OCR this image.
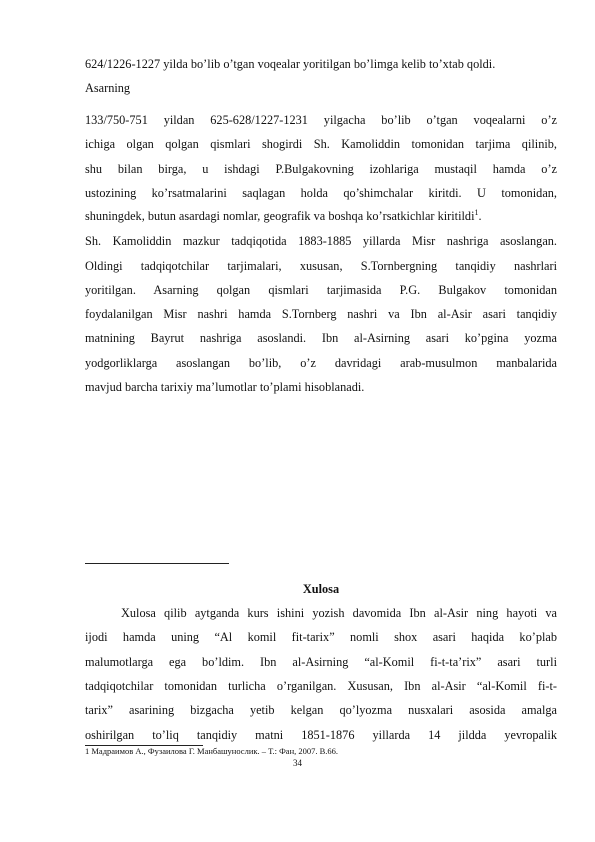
624/1226-1227 yilda bo’lib o’tgan voqealar yoritilgan bo’limga kelib to’xtab qoldi.
Asarning
133/750-751 yildan 625-628/1227-1231 yilgacha bo’lib o’tgan voqealarni o’z
ichiga olgan qolgan qismlari shogirdi Sh. Kamoliddin tomonidan tarjima qilinib,
shu bilan birga, u ishdagi P.Bulgakovning izohlariga mustaqil hamda o’z
ustozining ko’rsatmalarini saqlagan holda qo’shimchalar kiritdi. U tomonidan,
shuningdek, butun asardagi nomlar, geografik va boshqa ko’rsatkichlar kiritildi$^1$.
Sh. Kamoliddin mazkur tadqiqotida 1883-1885 yillarda Misr nashriga asoslangan.
Oldingi tadqiqotchilar tarjimalari, xususan, S.Tornbergning tanqidiy nashrlari
yoritilgan. Asarning qolgan qismlari tarjimasida P.G. Bulgakov tomonidan
foydalanilgan Misr nashri hamda S.Tornberg nashri va Ibn al-Asir asari tanqidiy
matnining Bayrut nashriga asoslandi. Ibn al-Asirning asari ko’pgina yozma
yodgorliklarga asoslangan bo’lib, o’z davridagi arab-musulmon manbalarida
mavjud barcha tarixiy ma’lumotlar to’plami hisoblanadi.
Xulosa
Xulosa qilib aytganda kurs ishini yozish davomida Ibn al-Asir ning hayoti va
ijodi hamda uning “Al komil fit-tarix” nomli shox asari haqida ko’plab
malumotlarga ega bo’ldim. Ibn al-Asirning “al-Komil fi-t-ta’rix” asari turli
tadqiqotchilar tomonidan turlicha o’rganilgan. Xususan, Ibn al-Asir “al-Komil fi-t-
tarix” asarining bizgacha yetib kelgan qo’lyozma nusxalari asosida amalga
oshirilgan to’liq tanqidiy matni 1851-1876 yillarda 14 jildda yevropalik
1 Мадраимов А., Фузаилова Г. Манбашунослик. – Т.: Фан, 2007. В.66.
34
